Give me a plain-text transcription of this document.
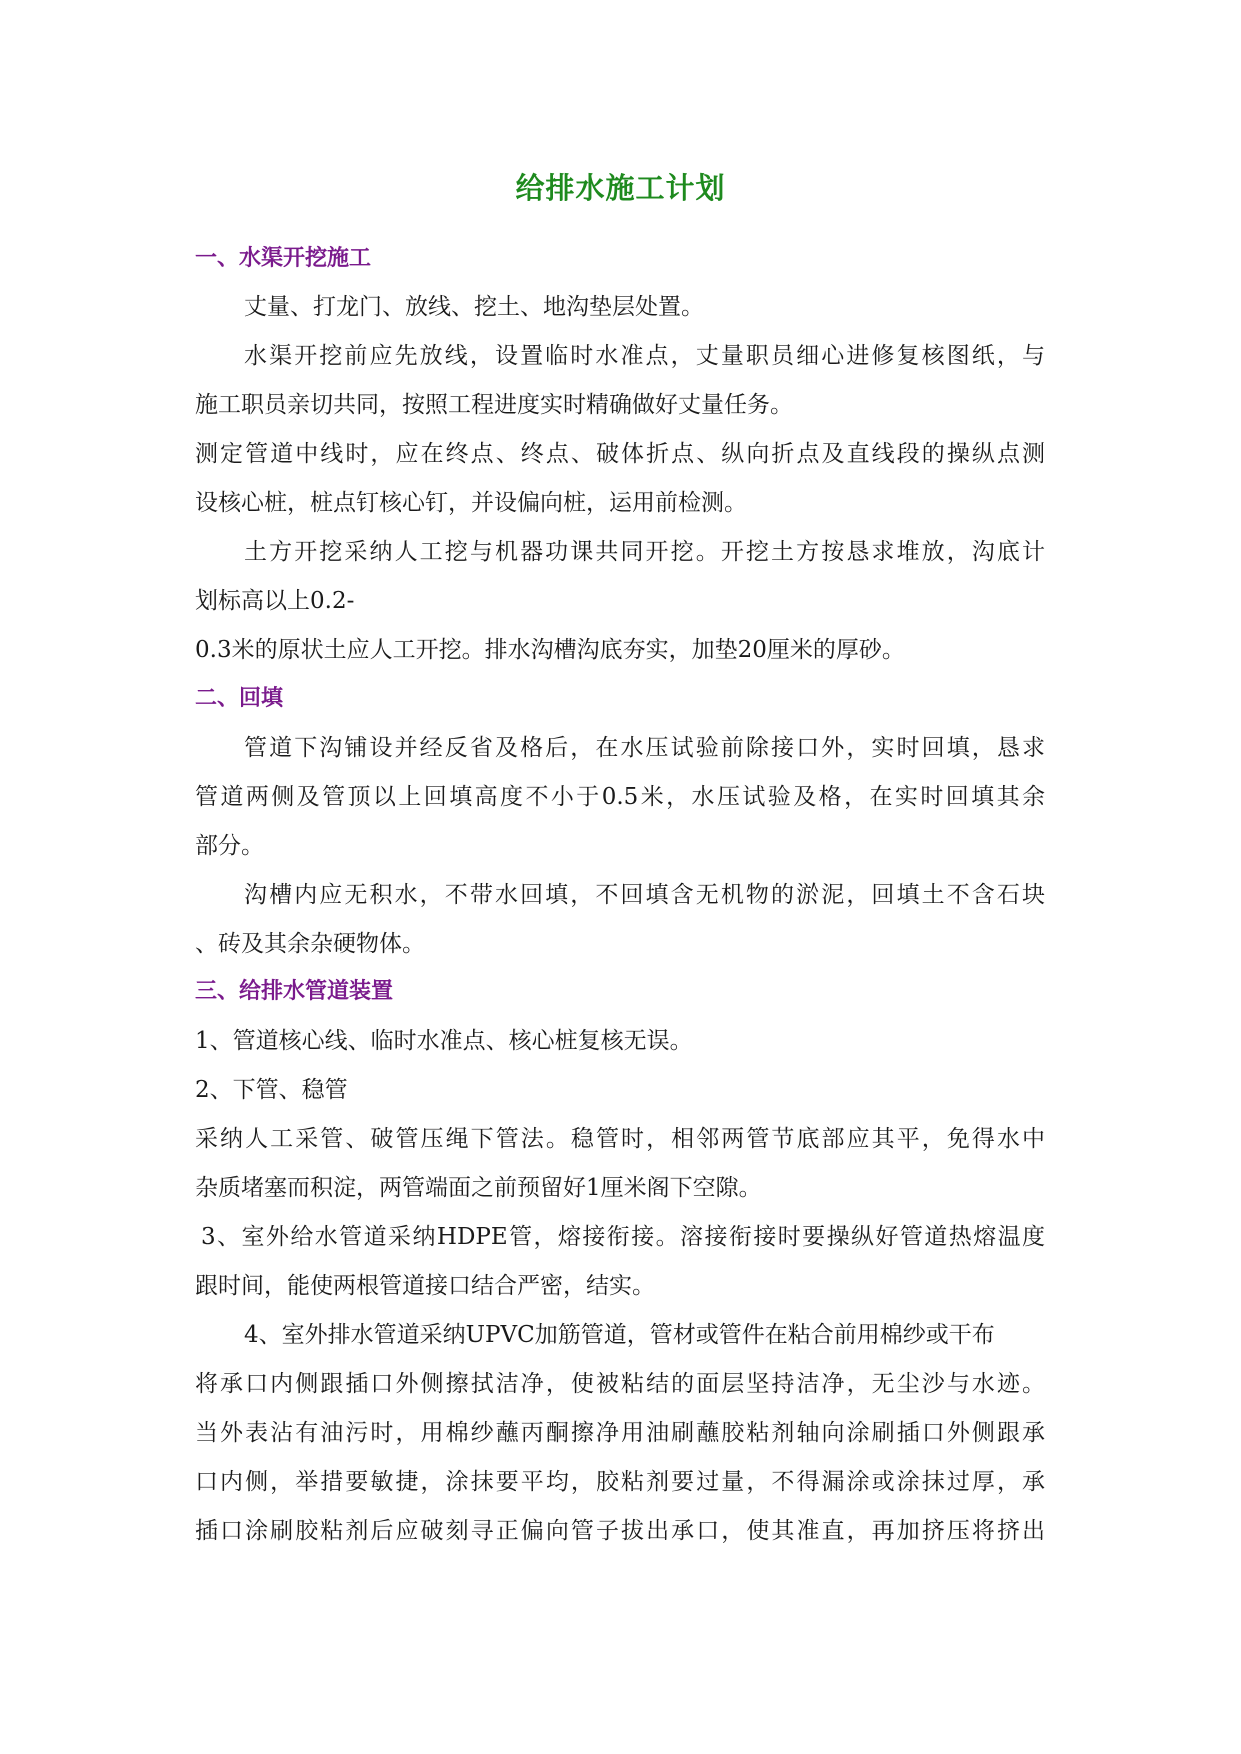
给排水施工计划
一、水渠开挖施工
丈量、打龙门、放线、挖土、地沟垫层处置。
水渠开挖前应先放线，设置临时水准点，丈量职员细心进修复核图纸，与
施工职员亲切共同，按照工程进度实时精确做好丈量任务。
测定管道中线时，应在终点、终点、破体折点、纵向折点及直线段的操纵点测
设核心桩，桩点钉核心钉，并设偏向桩，运用前检测。
土方开挖采纳人工挖与机器功课共同开挖。开挖土方按恳求堆放，沟底计
划标高以上0.2-
0.3米的原状土应人工开挖。排水沟槽沟底夯实，加垫20厘米的厚砂。
二、回填
管道下沟铺设并经反省及格后，在水压试验前除接口外，实时回填，恳求
管道两侧及管顶以上回填高度不小于0.5米，水压试验及格，在实时回填其余
部分。
沟槽内应无积水，不带水回填，不回填含无机物的淤泥，回填土不含石块
、砖及其余杂硬物体。
三、给排水管道装置
1、管道核心线、临时水准点、核心桩复核无误。
2、下管、稳管
采纳人工采管、破管压绳下管法。稳管时，相邻两管节底部应其平，免得水中
杂质堵塞而积淀，两管端面之前预留好1厘米阁下空隙。
3、室外给水管道采纳HDPE管，熔接衔接。溶接衔接时要操纵好管道热熔温度
跟时间，能使两根管道接口结合严密，结实。
4、室外排水管道采纳UPVC加筋管道，管材或管件在粘合前用棉纱或干布
将承口内侧跟插口外侧擦拭洁净，使被粘结的面层坚持洁净，无尘沙与水迹。
当外表沾有油污时，用棉纱蘸丙酮擦净用油刷蘸胶粘剂轴向涂刷插口外侧跟承
口内侧，举措要敏捷，涂抹要平均，胶粘剂要过量，不得漏涂或涂抹过厚，承
插口涂刷胶粘剂后应破刻寻正偏向管子拔出承口，使其准直，再加挤压将挤出
